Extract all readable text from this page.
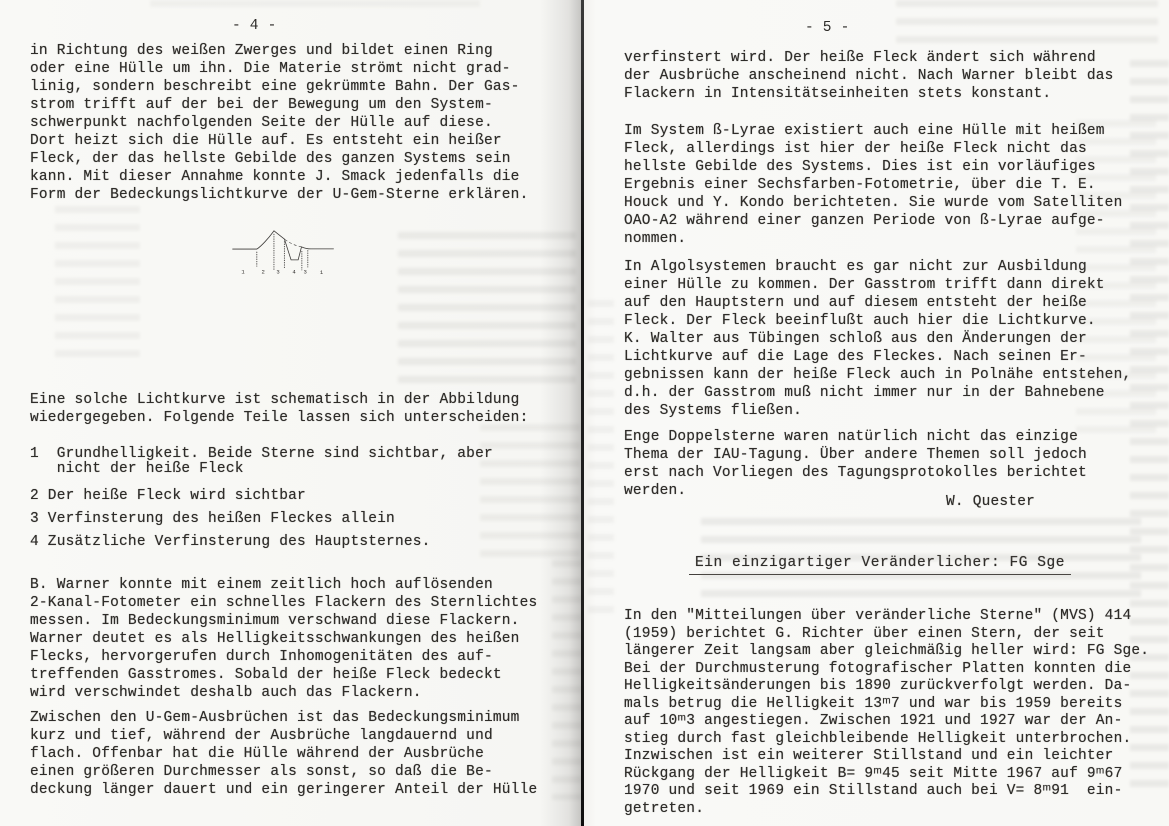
- 4 -
in Richtung des weißen Zwerges und bildet einen Ring
oder eine Hülle um ihn. Die Materie strömt nicht grad-
linig, sondern beschreibt eine gekrümmte Bahn. Der Gas-
strom trifft auf der bei der Bewegung um den System-
schwerpunkt nachfolgenden Seite der Hülle auf diese.
Dort heizt sich die Hülle auf. Es entsteht ein heißer
Fleck, der das hellste Gebilde des ganzen Systems sein
kann. Mit dieser Annahme konnte J. Smack jedenfalls die
Form der Bedeckungslichtkurve der U-Gem-Sterne erklären.
1 2 3 4 3 1
Eine solche Lichtkurve ist schematisch in der Abbildung
wiedergegeben. Folgende Teile lassen sich unterscheiden:
1  Grundhelligkeit. Beide Sterne sind sichtbar, aber
nicht der heiße Fleck
2 Der heiße Fleck wird sichtbar
3 Verfinsterung des heißen Fleckes allein
4 Zusätzliche Verfinsterung des Hauptsternes.
B. Warner konnte mit einem zeitlich hoch auflösenden
2-Kanal-Fotometer ein schnelles Flackern des Sternlichtes
messen. Im Bedeckungsminimum verschwand diese Flackern.
Warner deutet es als Helligkeitsschwankungen des heißen
Flecks, hervorgerufen durch Inhomogenitäten des auf-
treffenden Gasstromes. Sobald der heiße Fleck bedeckt
wird verschwindet deshalb auch das Flackern.
Zwischen den U-Gem-Ausbrüchen ist das Bedeckungsminimum
kurz und tief, während der Ausbrüche langdauernd und
flach. Offenbar hat die Hülle während der Ausbrüche
einen größeren Durchmesser als sonst, so daß die Be-
deckung länger dauert und ein geringerer Anteil der Hülle
- 5 -
verfinstert wird. Der heiße Fleck ändert sich während
der Ausbrüche anscheinend nicht. Nach Warner bleibt das
Flackern in Intensitätseinheiten stets konstant.
Im System ß-Lyrae existiert auch eine Hülle mit heißem
Fleck, allerdings ist hier der heiße Fleck nicht das
hellste Gebilde des Systems. Dies ist ein vorläufiges
Ergebnis einer Sechsfarben-Fotometrie, über die T. E.
Houck und Y. Kondo berichteten. Sie wurde vom Satelliten
OAO-A2 während einer ganzen Periode von ß-Lyrae aufge-
nommen.
In Algolsystemen braucht es gar nicht zur Ausbildung
einer Hülle zu kommen. Der Gasstrom trifft dann direkt
auf den Hauptstern und auf diesem entsteht der heiße
Fleck. Der Fleck beeinflußt auch hier die Lichtkurve.
K. Walter aus Tübingen schloß aus den Änderungen der
Lichtkurve auf die Lage des Fleckes. Nach seinen Er-
gebnissen kann der heiße Fleck auch in Polnähe entstehen,
d.h. der Gasstrom muß nicht immer nur in der Bahnebene
des Systems fließen.
Enge Doppelsterne waren natürlich nicht das einzige
Thema der IAU-Tagung. Über andere Themen soll jedoch
erst nach Vorliegen des Tagungsprotokolles berichtet
werden.
W. Quester
Ein einzigartiger Veränderlicher: FG Sge
In den "Mitteilungen über veränderliche Sterne" (MVS) 414
(1959) berichtet G. Richter über einen Stern, der seit
längerer Zeit langsam aber gleichmäßig heller wird: FG Sge.
Bei der Durchmusterung fotografischer Platten konnten die
Helligkeitsänderungen bis 1890 zurückverfolgt werden. Da-
mals betrug die Helligkeit 13ᵐ7 und war bis 1959 bereits
auf 10ᵐ3 angestiegen. Zwischen 1921 und 1927 war der An-
stieg durch fast gleichbleibende Helligkeit unterbrochen.
Inzwischen ist ein weiterer Stillstand und ein leichter
Rückgang der Helligkeit B= 9ᵐ45 seit Mitte 1967 auf 9ᵐ67
1970 und seit 1969 ein Stillstand auch bei V= 8ᵐ91  ein-
getreten.
